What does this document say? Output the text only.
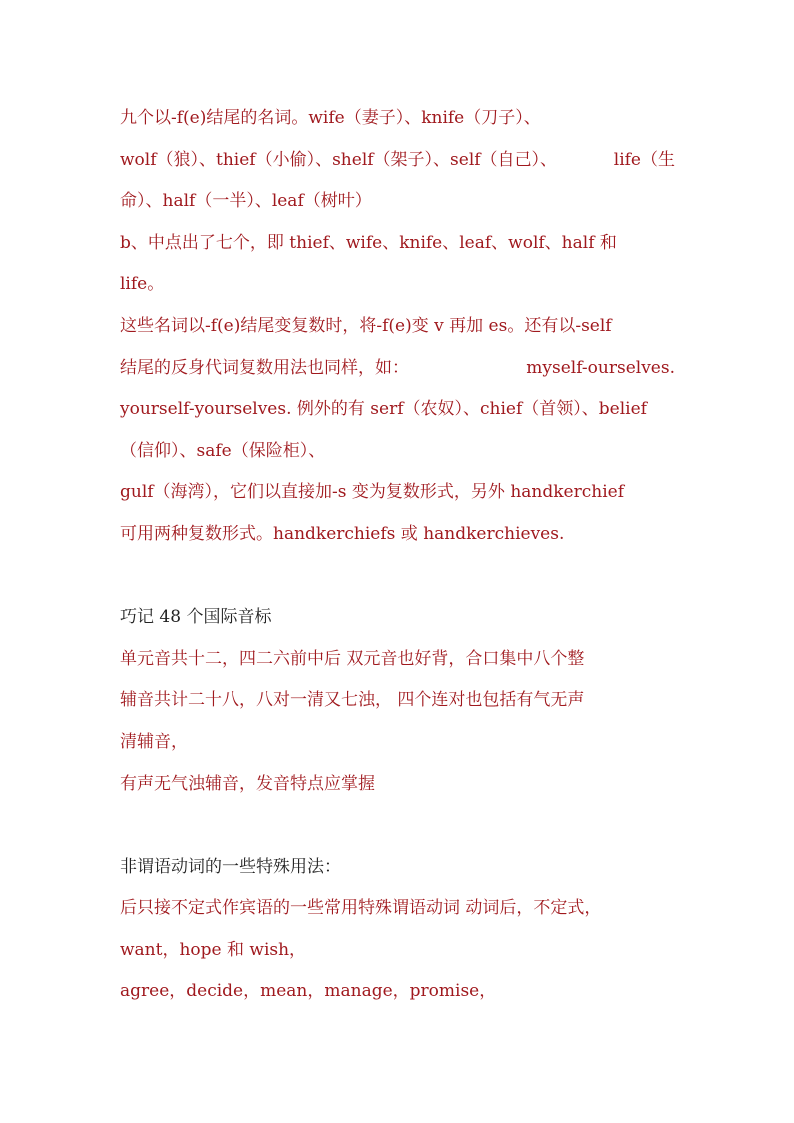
九个以-f(e)结尾的名词。wife（妻子）、knife（刀子）、
wolf（狼）、thief（小偷）、shelf（架子）、self（自己）、	life（生
命）、half（一半）、leaf（树叶）
b、中点出了七个，即 thief、wife、knife、leaf、wolf、half 和
life。
这些名词以-f(e)结尾变复数时，将-f(e)变 v 再加 es。还有以-self
结尾的反身代词复数用法也同样，如：	myself-ourselves.
yourself-yourselves. 例外的有 serf（农奴）、chief（首领）、belief
（信仰）、safe（保险柜）、
gulf（海湾），它们以直接加-s 变为复数形式，另外 handkerchief
可用两种复数形式。handkerchiefs 或 handkerchieves.
巧记 48 个国际音标
单元音共十二，四二六前中后 双元音也好背，合口集中八个整
辅音共计二十八，八对一清又七浊， 四个连对也包括有气无声
清辅音，
有声无气浊辅音，发音特点应掌握
非谓语动词的一些特殊用法：
后只接不定式作宾语的一些常用特殊谓语动词 动词后，不定式，
want，hope 和 wish，
agree，decide，mean，manage，promise，
